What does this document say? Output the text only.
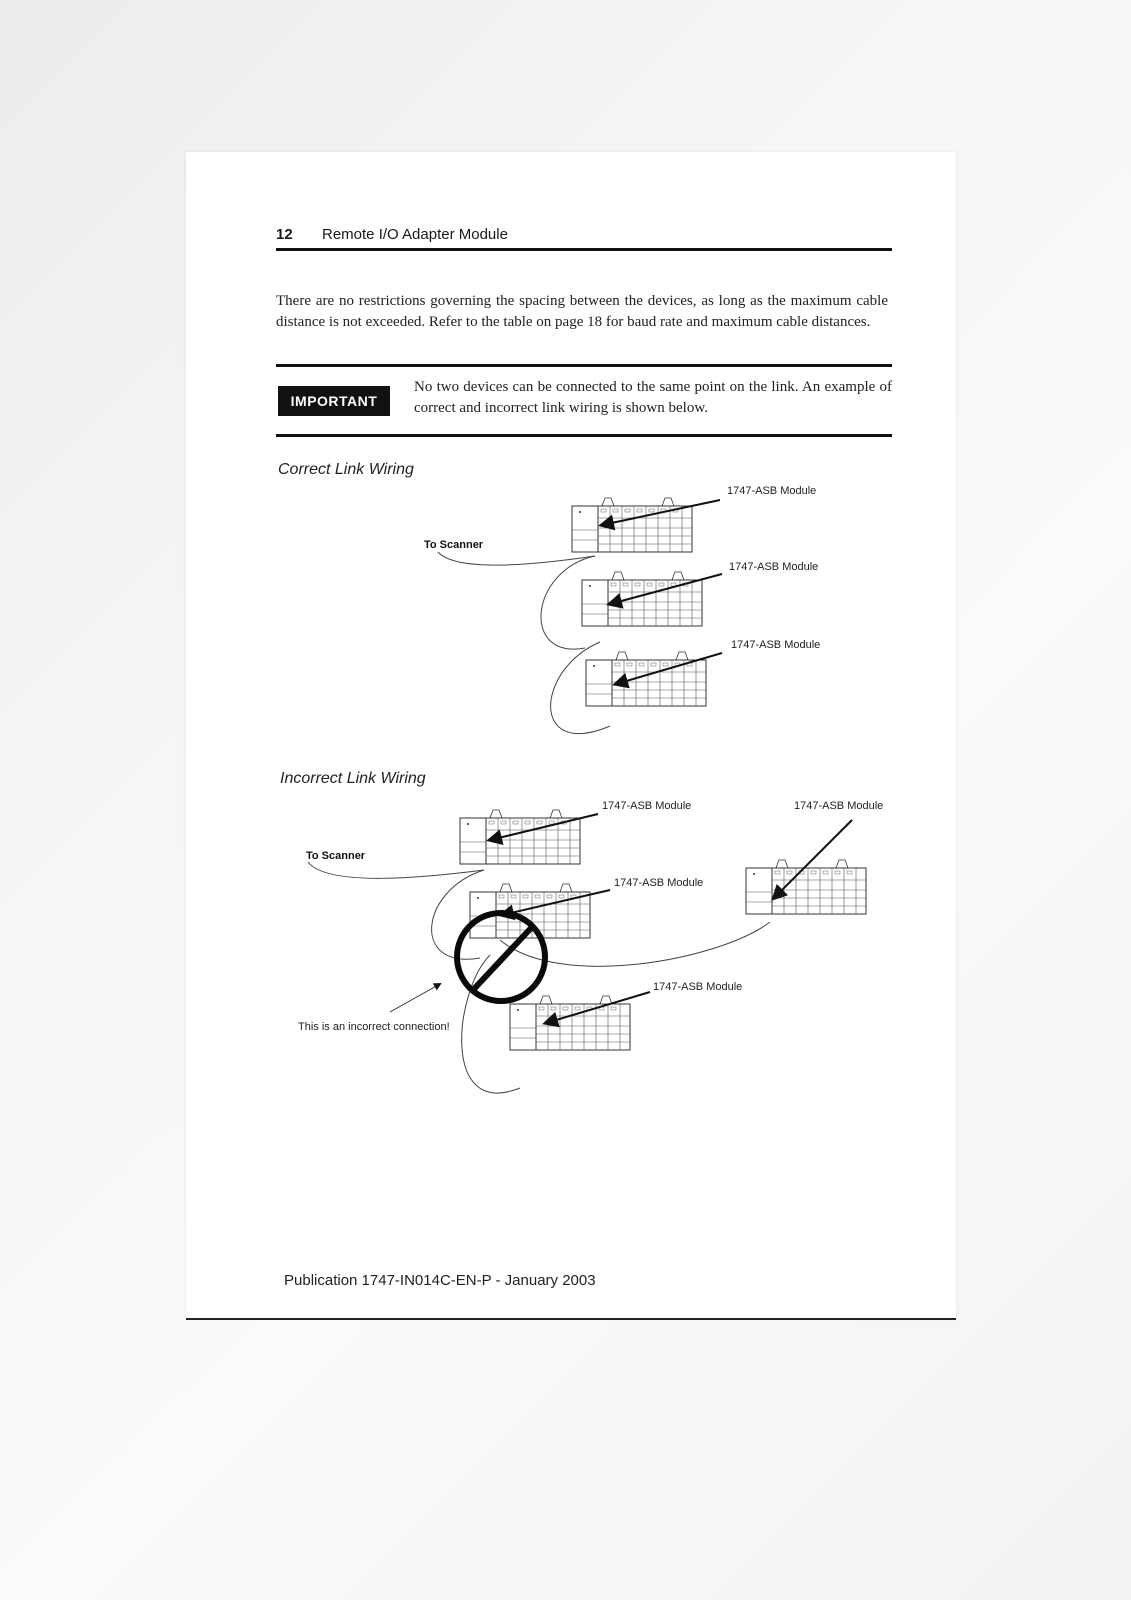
12 Remote I/O Adapter Module
There are no restrictions governing the spacing between the devices, as long as the maximum cable distance is not exceeded. Refer to the table on page 18 for baud rate and maximum cable distances.
IMPORTANT
No two devices can be connected to the same point on the link. An example of correct and incorrect link wiring is shown below.
Correct Link Wiring
Incorrect Link Wiring
1747-ASB Module
1747-ASB Module
1747-ASB Module
To Scanner
1747-ASB Module
1747-ASB Module
1747-ASB Module
1747-ASB Module
To Scanner
This is an incorrect connection!
Publication 1747-IN014C-EN-P - January 2003
